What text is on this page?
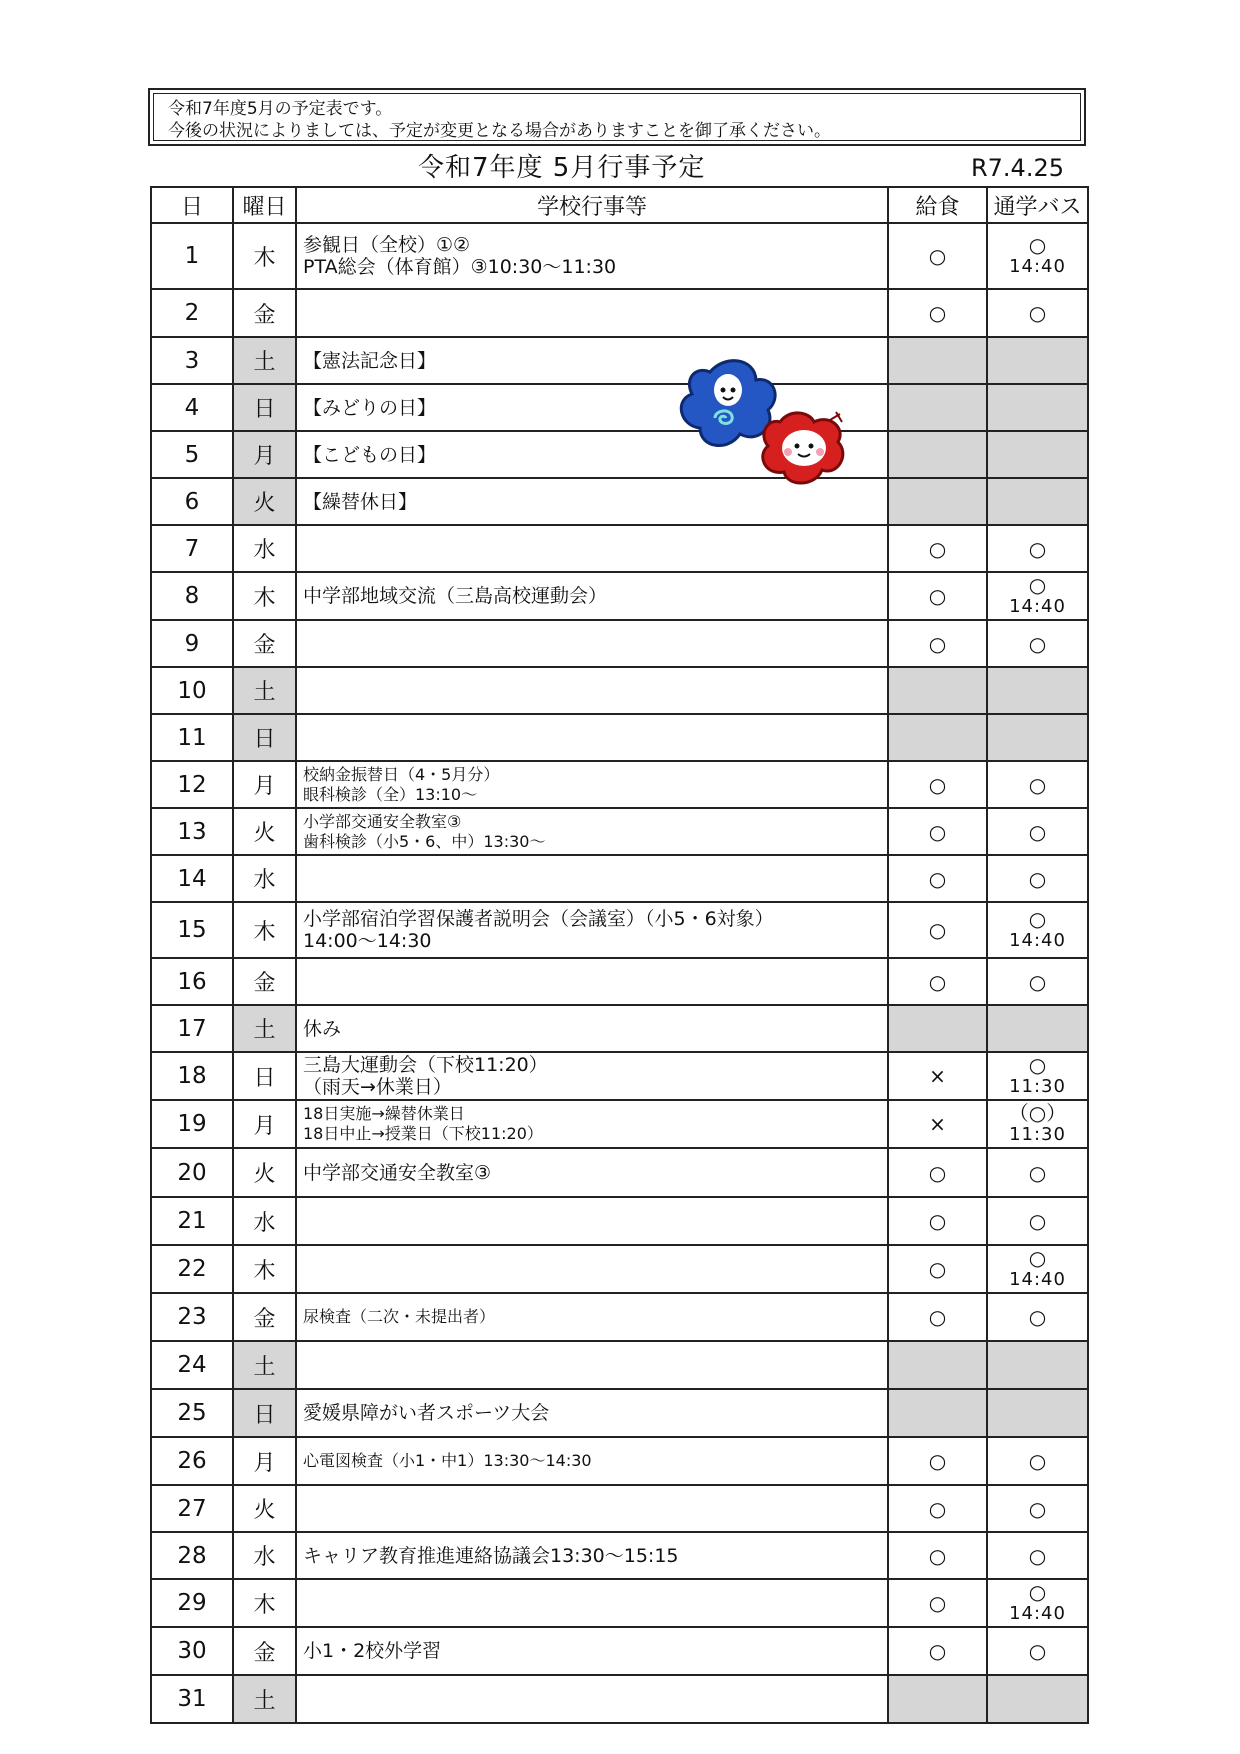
令和7年度5月の予定表です。
今後の状況によりましては、予定が変更となる場合がありますことを御了承ください。
令和7年度 5月行事予定	R7.4.25
日	曜日	学校行事等	給食	通学バス
1	木	参観日（全校）①②
PTA総会（体育館）③10:30～11:30	○	○
14:40

2	金		○	○

3	土	【憲法記念日】		

4	日	【みどりの日】		

5	月	【こどもの日】		

6	火	【繰替休日】		

7	水		○	○

8	木	中学部地域交流（三島高校運動会）	○	○
14:40

9	金		○	○

10	土			
11	日			
12	月	校納金振替日（4・5月分）
眼科検診（全）13:10～	○	○

13	火	小学部交通安全教室③
歯科検診（小5・6、中）13:30～	○	○

14	水		○	○

15	木	小学部宿泊学習保護者説明会（会議室）（小5・6対象）
14:00～14:30	○	○
14:40

16	金		○	○

17	土	休み		

18	日	三島大運動会（下校11:20）
（雨天→休業日）	×	○
11:30

19	月	18日実施→繰替休業日
18日中止→授業日（下校11:20）	×	（○）
11:30

20	火	中学部交通安全教室③	○	○

21	水		○	○

22	木		○	○
14:40

23	金	尿検査（二次・未提出者）	○	○

24	土			
25	日	愛媛県障がい者スポーツ大会		

26	月	心電図検査（小1・中1）13:30～14:30	○	○

27	火		○	○

28	水	キャリア教育推進連絡協議会13:30～15:15	○	○

29	木		○	○
14:40

30	金	小1・2校外学習	○	○

31	土			
